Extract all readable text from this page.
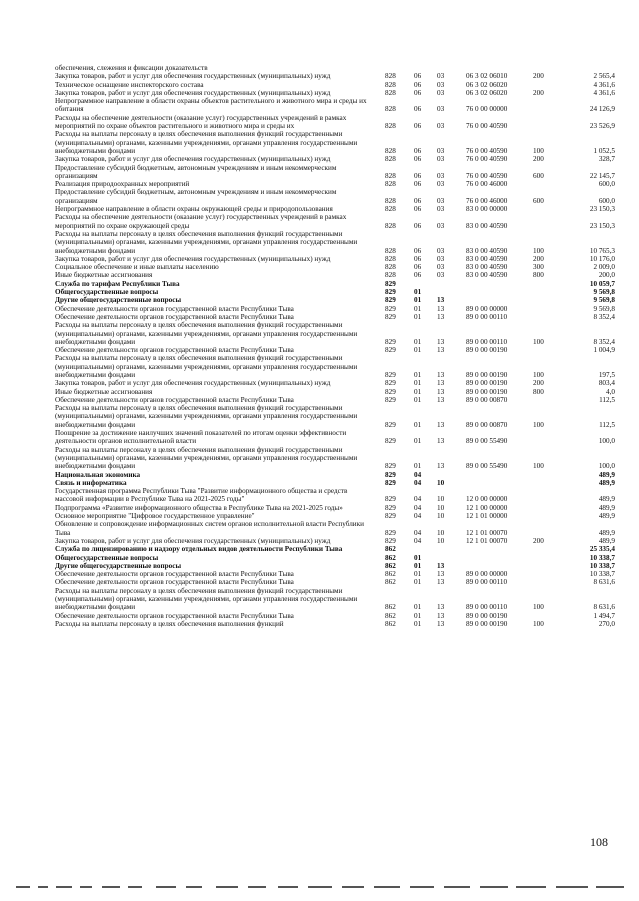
обеспечения, слежения и фиксации доказательств
Закупка товаров, работ и услуг для обеспечения государственных (муниципальных) нужд	828	06 03	06 3 02 06010	200	2 565,4
Техническое оснащение инспекторского состава	828	06 03	06 3 02 06020	4 361,6
Закупка товаров, работ и услуг для обеспечения государственных (муниципальных) нужд	828	06 03	06 3 02 06020	200	4 361,6
Непрограммное направление в области охраны объектов растительного и животного мира и среды их обитания	828	06 03	76 0 00 00000	24 126,9
Расходы на обеспечение деятельности (оказание услуг) государственных учреждений в рамках мероприятий по охране объектов растительного и животного мира и среды их	828	06 03	76 0 00 40590	23 526,9
Расходы на выплаты персоналу в целях обеспечения выполнения функций государственными (муниципальными) органами, казенными учреждениями, органами управления государственными внебюджетными фондами	828	06 03	76 0 00 40590	100	1 052,5
Закупка товаров, работ и услуг для обеспечения государственных (муниципальных) нужд	828	06 03	76 0 00 40590	200	328,7
Предоставление субсидий бюджетным, автономным учреждениям и иным некоммерческим организациям	828	06 03	76 0 00 40590	600	22 145,7
Реализация природоохранных мероприятий	828	06 03	76 0 00 46000	600,0
Предоставление субсидий бюджетным, автономным учреждениям и иным некоммерческим организациям	828	06 03	76 0 00 46000	600	600,0
Непрограммное направление в области охраны окружающей среды и природопользования	828	06 03	83 0 00 00000	23 150,3
Расходы на обеспечение деятельности (оказание услуг) государственных учреждений в рамках мероприятий по охране окружающей среды	828	06 03	83 0 00 40590	23 150,3
Расходы на выплаты персоналу в целях обеспечения выполнения функций государственными (муниципальными) органами, казенными учреждениями, органами управления государственными внебюджетными фондами	828	06 03	83 0 00 40590	100	10 765,3
Закупка товаров, работ и услуг для обеспечения государственных (муниципальных) нужд	828	06 03	83 0 00 40590	200	10 176,0
Социальное обеспечение и иные выплаты населению	828	06 03	83 0 00 40590	300	2 009,0
Иные бюджетные ассигнования	828	06 03	83 0 00 40590	800	200,0
Служба по тарифам Республики Тыва	829	10 059,7
Общегосударственные вопросы	829	01	9 569,8
Другие общегосударственные вопросы	829	01 13	9 569,8
Обеспечение деятельности органов государственной власти Республики Тыва	829	01 13	89 0 00 00000	9 569,8
Обеспечение деятельности органов государственной власти Республики Тыва	829	01 13	89 0 00 00110	8 352,4
Расходы на выплаты персоналу в целях обеспечения выполнения функций государственными (муниципальными) органами, казенными учреждениями, органами управления государственными внебюджетными фондами	829	01 13	89 0 00 00110	100	8 352,4
Обеспечение деятельности органов государственной власти Республики Тыва	829	01 13	89 0 00 00190	1 004,9
Расходы на выплаты персоналу в целях обеспечения выполнения функций государственными (муниципальными) органами, казенными учреждениями, органами управления государственными внебюджетными фондами	829	01 13	89 0 00 00190	100	197,5
Закупка товаров, работ и услуг для обеспечения государственных (муниципальных) нужд	829	01 13	89 0 00 00190	200	803,4
Иные бюджетные ассигнования	829	01 13	89 0 00 00190	800	4,0
Обеспечение деятельности органов государственной власти Республики Тыва	829	01 13	89 0 00 00870	112,5
Расходы на выплаты персоналу в целях обеспечения выполнения функций государственными (муниципальными) органами, казенными учреждениями, органами управления государственными внебюджетными фондами	829	01 13	89 0 00 00870	100	112,5
Поощрение за достижение наилучших значений показателей по итогам оценки эффективности деятельности органов исполнительной власти	829	01 13	89 0 00 55490	100,0
Расходы на выплаты персоналу в целях обеспечения выполнения функций государственными (муниципальными) органами, казенными учреждениями, органами управления государственными внебюджетными фондами	829	01 13	89 0 00 55490	100	100,0
Национальная экономика	829	04	489,9
Связь и информатика	829	04 10	489,9
Государственная программа Республики Тыва "Развитие информационного общества и средств массовой информации в Республике Тыва на 2021-2025 годы"	829	04 10	12 0 00 00000	489,9
Подпрограмма «Развитие информационного общества в Республике Тыва на 2021-2025 годы»	829	04 10	12 1 00 00000	489,9
Основное мероприятие "Цифровое государственное управление"	829	04 10	12 1 01 00000	489,9
Обновление и сопровождение информационных систем органов исполнительной власти Республики Тыва	829	04 10	12 1 01 00070	489,9
Закупка товаров, работ и услуг для обеспечения государственных (муниципальных) нужд	829	04 10	12 1 01 00070	200	489,9
Служба по лицензированию и надзору отдельных видов деятельности Республики Тыва	862	25 335,4
Общегосударственные вопросы	862	01	10 338,7
Другие общегосударственные вопросы	862	01 13	10 338,7
Обеспечение деятельности органов государственной власти Республики Тыва	862	01 13	89 0 00 00000	10 338,7
Обеспечение деятельности органов государственной власти Республики Тыва	862	01 13	89 0 00 00110	8 631,6
Расходы на выплаты персоналу в целях обеспечения выполнения функций государственными (муниципальными) органами, казенными учреждениями, органами управления государственными внебюджетными фондами	862	01 13	89 0 00 00110	100	8 631,6
Обеспечение деятельности органов государственной власти Республики Тыва	862	01 13	89 0 00 00190	1 494,7
Расходы на выплаты персоналу в целях обеспечения выполнения функций	862	01 13	89 0 00 00190	100	270,0
108
